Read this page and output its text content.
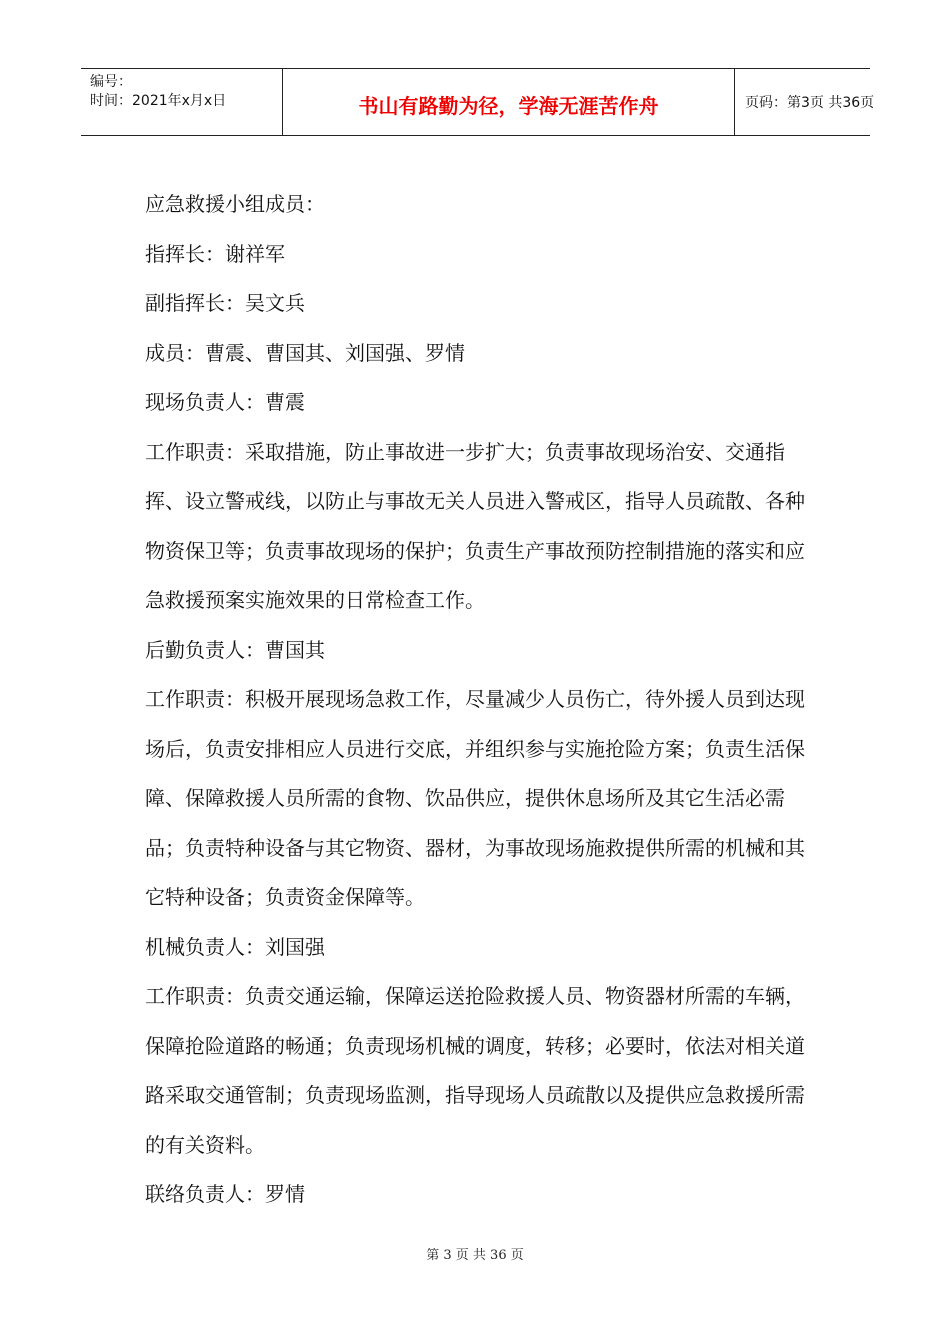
编号：
时间：2021年x月x日	书山有路勤为径，学海无涯苦作舟	页码：第3页 共36页

应急救援小组成员：

指挥长：谢祥军

副指挥长：吴文兵

成员：曹震、曹国其、刘国强、罗情

现场负责人：曹震

工作职责：采取措施，防止事故进一步扩大；负责事故现场治安、交通指挥、设立警戒线，以防止与事故无关人员进入警戒区，指导人员疏散、各种物资保卫等；负责事故现场的保护；负责生产事故预防控制措施的落实和应急救援预案实施效果的日常检查工作。

后勤负责人：曹国其

工作职责：积极开展现场急救工作，尽量减少人员伤亡，待外援人员到达现场后，负责安排相应人员进行交底，并组织参与实施抢险方案；负责生活保障、保障救援人员所需的食物、饮品供应，提供休息场所及其它生活必需品；负责特种设备与其它物资、器材，为事故现场施救提供所需的机械和其它特种设备；负责资金保障等。

机械负责人：刘国强

工作职责：负责交通运输，保障运送抢险救援人员、物资器材所需的车辆，保障抢险道路的畅通；负责现场机械的调度，转移；必要时，依法对相关道路采取交通管制；负责现场监测，指导现场人员疏散以及提供应急救援所需的有关资料。

联络负责人：罗情

第 3 页 共 36 页
